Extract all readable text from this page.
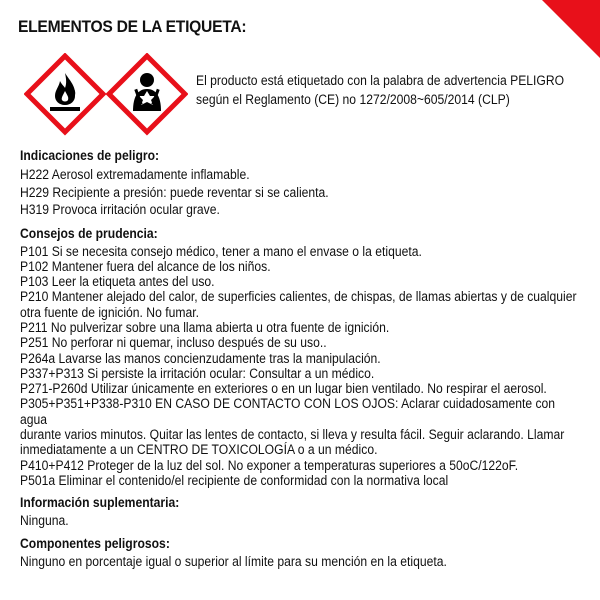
ELEMENTOS DE LA ETIQUETA:
El producto está etiquetado con la palabra de advertencia PELIGRO
según el Reglamento (CE) no 1272/2008~605/2014 (CLP)
Indicaciones de peligro:

H222 Aerosol extremadamente inflamable.

H229 Recipiente a presión: puede reventar si se calienta.

H319 Provoca irritación ocular grave.

Consejos de prudencia:

P101 Si se necesita consejo médico, tener a mano el envase o la etiqueta.

P102 Mantener fuera del alcance de los niños.

P103 Leer la etiqueta antes del uso.

P210 Mantener alejado del calor, de superficies calientes, de chispas, de llamas abiertas y de cualquier

otra fuente de ignición. No fumar.

P211 No pulverizar sobre una llama abierta u otra fuente de ignición.

P251 No perforar ni quemar, incluso después de su uso..

P264a Lavarse las manos concienzudamente tras la manipulación.

P337+P313 Si persiste la irritación ocular: Consultar a un médico.

P271-P260d Utilizar únicamente en exteriores o en un lugar bien ventilado. No respirar el aerosol.

P305+P351+P338-P310 EN CASO DE CONTACTO CON LOS OJOS: Aclarar cuidadosamente con agua

durante varios minutos. Quitar las lentes de contacto, si lleva y resulta fácil. Seguir aclarando. Llamar

inmediatamente a un CENTRO DE TOXICOLOGÍA o a un médico.

P410+P412 Proteger de la luz del sol. No exponer a temperaturas superiores a 50oC/122oF.

P501a Eliminar el contenido/el recipiente de conformidad con la normativa local

Información suplementaria:

Ninguna.

Componentes peligrosos:

Ninguno en porcentaje igual o superior al límite para su mención en la etiqueta.
